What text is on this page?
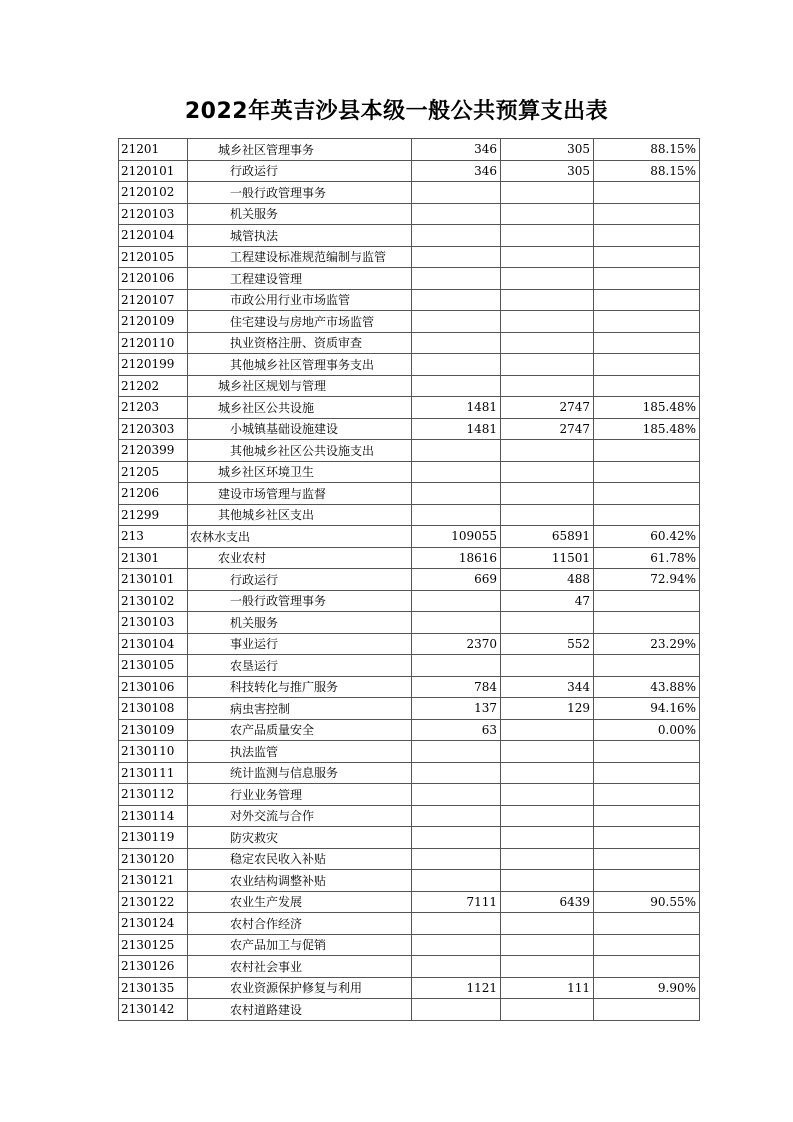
2022年英吉沙县本级一般公共预算支出表
21201	城乡社区管理事务	346	305	88.15%
2120101	行政运行	346	305	88.15%
2120102	一般行政管理事务			
2120103	机关服务			
2120104	城管执法			
2120105	工程建设标准规范编制与监管			
2120106	工程建设管理			
2120107	市政公用行业市场监管			
2120109	住宅建设与房地产市场监管			
2120110	执业资格注册、资质审查			
2120199	其他城乡社区管理事务支出			
21202	城乡社区规划与管理			
21203	城乡社区公共设施	1481	2747	185.48%
2120303	小城镇基础设施建设	1481	2747	185.48%
2120399	其他城乡社区公共设施支出			
21205	城乡社区环境卫生			
21206	建设市场管理与监督			
21299	其他城乡社区支出			
213	农林水支出	109055	65891	60.42%
21301	农业农村	18616	11501	61.78%
2130101	行政运行	669	488	72.94%
2130102	一般行政管理事务		47	
2130103	机关服务			
2130104	事业运行	2370	552	23.29%
2130105	农垦运行			
2130106	科技转化与推广服务	784	344	43.88%
2130108	病虫害控制	137	129	94.16%
2130109	农产品质量安全	63		0.00%
2130110	执法监管			
2130111	统计监测与信息服务			
2130112	行业业务管理			
2130114	对外交流与合作			
2130119	防灾救灾			
2130120	稳定农民收入补贴			
2130121	农业结构调整补贴			
2130122	农业生产发展	7111	6439	90.55%
2130124	农村合作经济			
2130125	农产品加工与促销			
2130126	农村社会事业			
2130135	农业资源保护修复与利用	1121	111	9.90%
2130142	农村道路建设			
